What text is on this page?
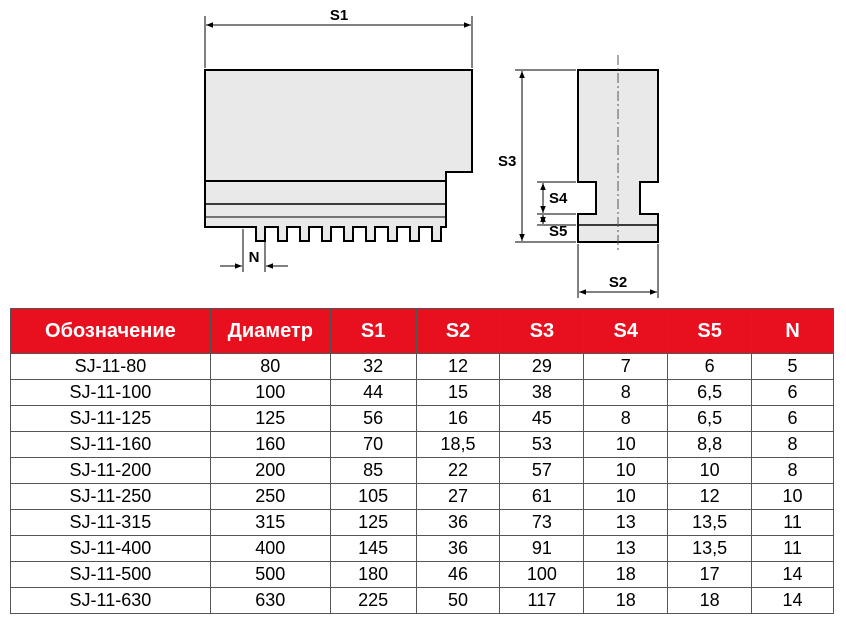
S1
N
S3
S4
S5
S2
Обозначение	Диаметр	S1	S2	S3	S4	S5	N
SJ-11-80	80	32	12	29	7	6	5
SJ-11-100	100	44	15	38	8	6,5	6
SJ-11-125	125	56	16	45	8	6,5	6
SJ-11-160	160	70	18,5	53	10	8,8	8
SJ-11-200	200	85	22	57	10	10	8
SJ-11-250	250	105	27	61	10	12	10
SJ-11-315	315	125	36	73	13	13,5	11
SJ-11-400	400	145	36	91	13	13,5	11
SJ-11-500	500	180	46	100	18	17	14
SJ-11-630	630	225	50	117	18	18	14
